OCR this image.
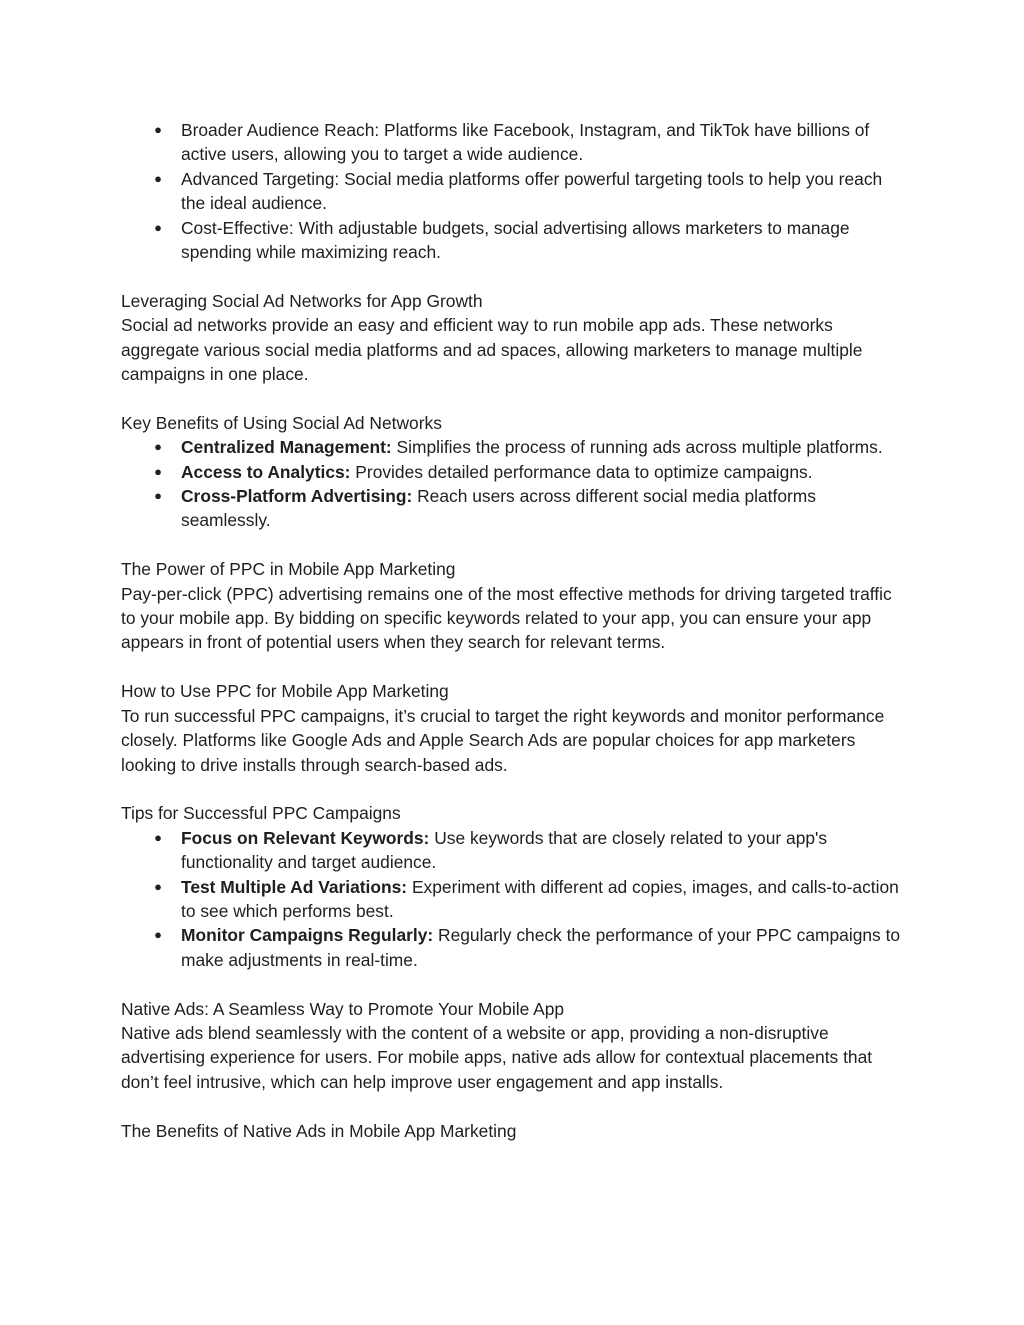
● Broader Audience Reach: Platforms like Facebook, Instagram, and TikTok have billions of active users, allowing you to target a wide audience.
● Advanced Targeting: Social media platforms offer powerful targeting tools to help you reach the ideal audience.
● Cost-Effective: With adjustable budgets, social advertising allows marketers to manage spending while maximizing reach.

Leveraging Social Ad Networks for App Growth

Social ad networks provide an easy and efficient way to run mobile app ads. These networks aggregate various social media platforms and ad spaces, allowing marketers to manage multiple campaigns in one place.

Key Benefits of Using Social Ad Networks

● Centralized Management: Simplifies the process of running ads across multiple platforms.
● Access to Analytics: Provides detailed performance data to optimize campaigns.
● Cross-Platform Advertising: Reach users across different social media platforms seamlessly.

The Power of PPC in Mobile App Marketing

Pay-per-click (PPC) advertising remains one of the most effective methods for driving targeted traffic to your mobile app. By bidding on specific keywords related to your app, you can ensure your app appears in front of potential users when they search for relevant terms.

How to Use PPC for Mobile App Marketing

To run successful PPC campaigns, it’s crucial to target the right keywords and monitor performance closely. Platforms like Google Ads and Apple Search Ads are popular choices for app marketers looking to drive installs through search-based ads.

Tips for Successful PPC Campaigns

● Focus on Relevant Keywords: Use keywords that are closely related to your app's functionality and target audience.
● Test Multiple Ad Variations: Experiment with different ad copies, images, and calls-to-action to see which performs best.
● Monitor Campaigns Regularly: Regularly check the performance of your PPC campaigns to make adjustments in real-time.

Native Ads: A Seamless Way to Promote Your Mobile App

Native ads blend seamlessly with the content of a website or app, providing a non-disruptive advertising experience for users. For mobile apps, native ads allow for contextual placements that don’t feel intrusive, which can help improve user engagement and app installs.

The Benefits of Native Ads in Mobile App Marketing
